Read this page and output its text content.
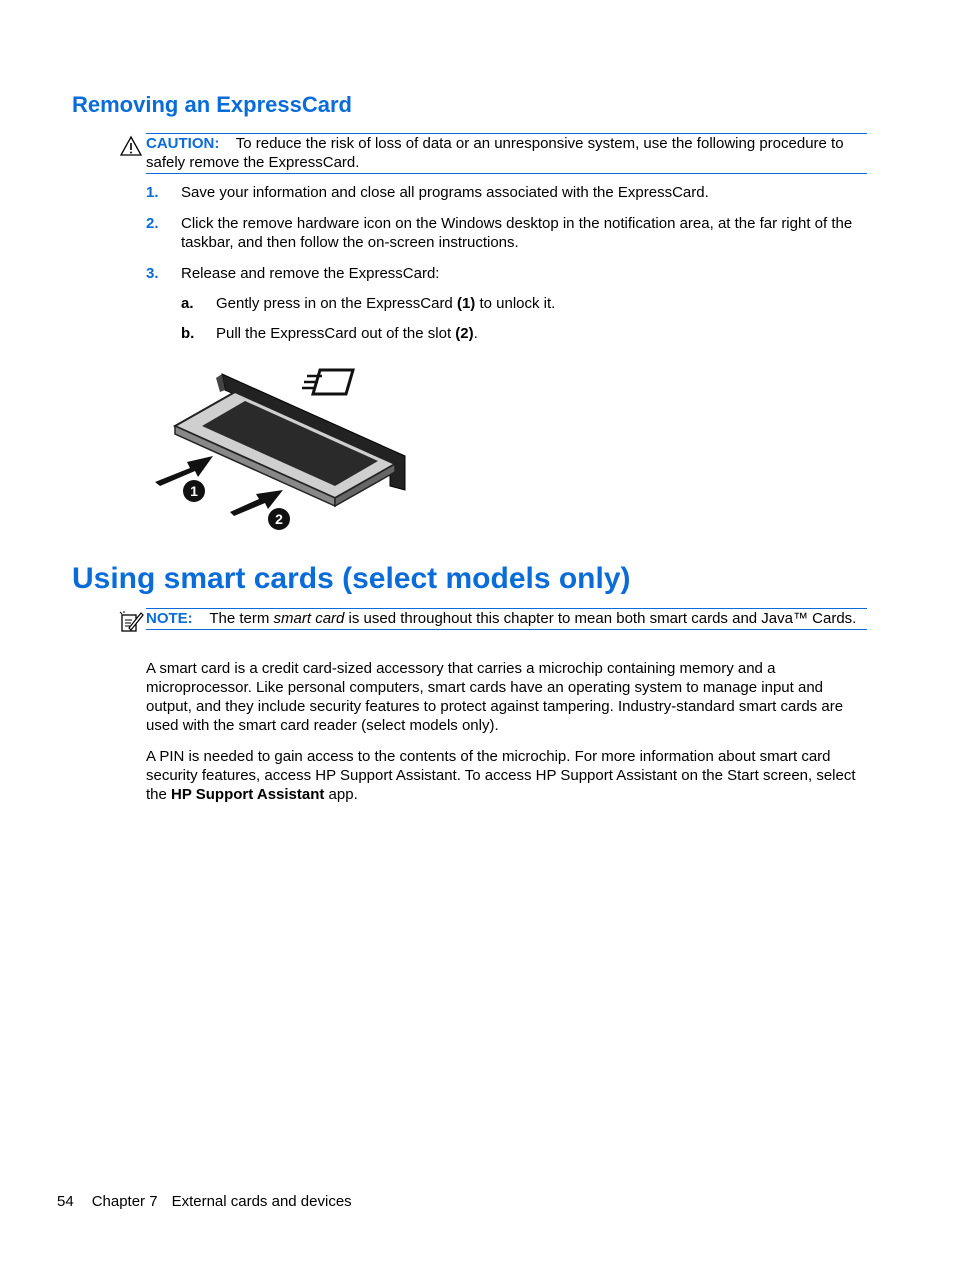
Removing an ExpressCard
CAUTION: To reduce the risk of loss of data or an unresponsive system, use the following procedure to safely remove the ExpressCard.
1. Save your information and close all programs associated with the ExpressCard.
2. Click the remove hardware icon on the Windows desktop in the notification area, at the far right of the taskbar, and then follow the on-screen instructions.
3. Release and remove the ExpressCard:
a. Gently press in on the ExpressCard (1) to unlock it.
b. Pull the ExpressCard out of the slot (2).
1
2
Using smart cards (select models only)
NOTE: The term smart card is used throughout this chapter to mean both smart cards and Java™ Cards.

A smart card is a credit card-sized accessory that carries a microchip containing memory and a microprocessor. Like personal computers, smart cards have an operating system to manage input and output, and they include security features to protect against tampering. Industry-standard smart cards are used with the smart card reader (select models only).

A PIN is needed to gain access to the contents of the microchip. For more information about smart card security features, access HP Support Assistant. To access HP Support Assistant on the Start screen, select the HP Support Assistant app.

54 Chapter 7 External cards and devices
